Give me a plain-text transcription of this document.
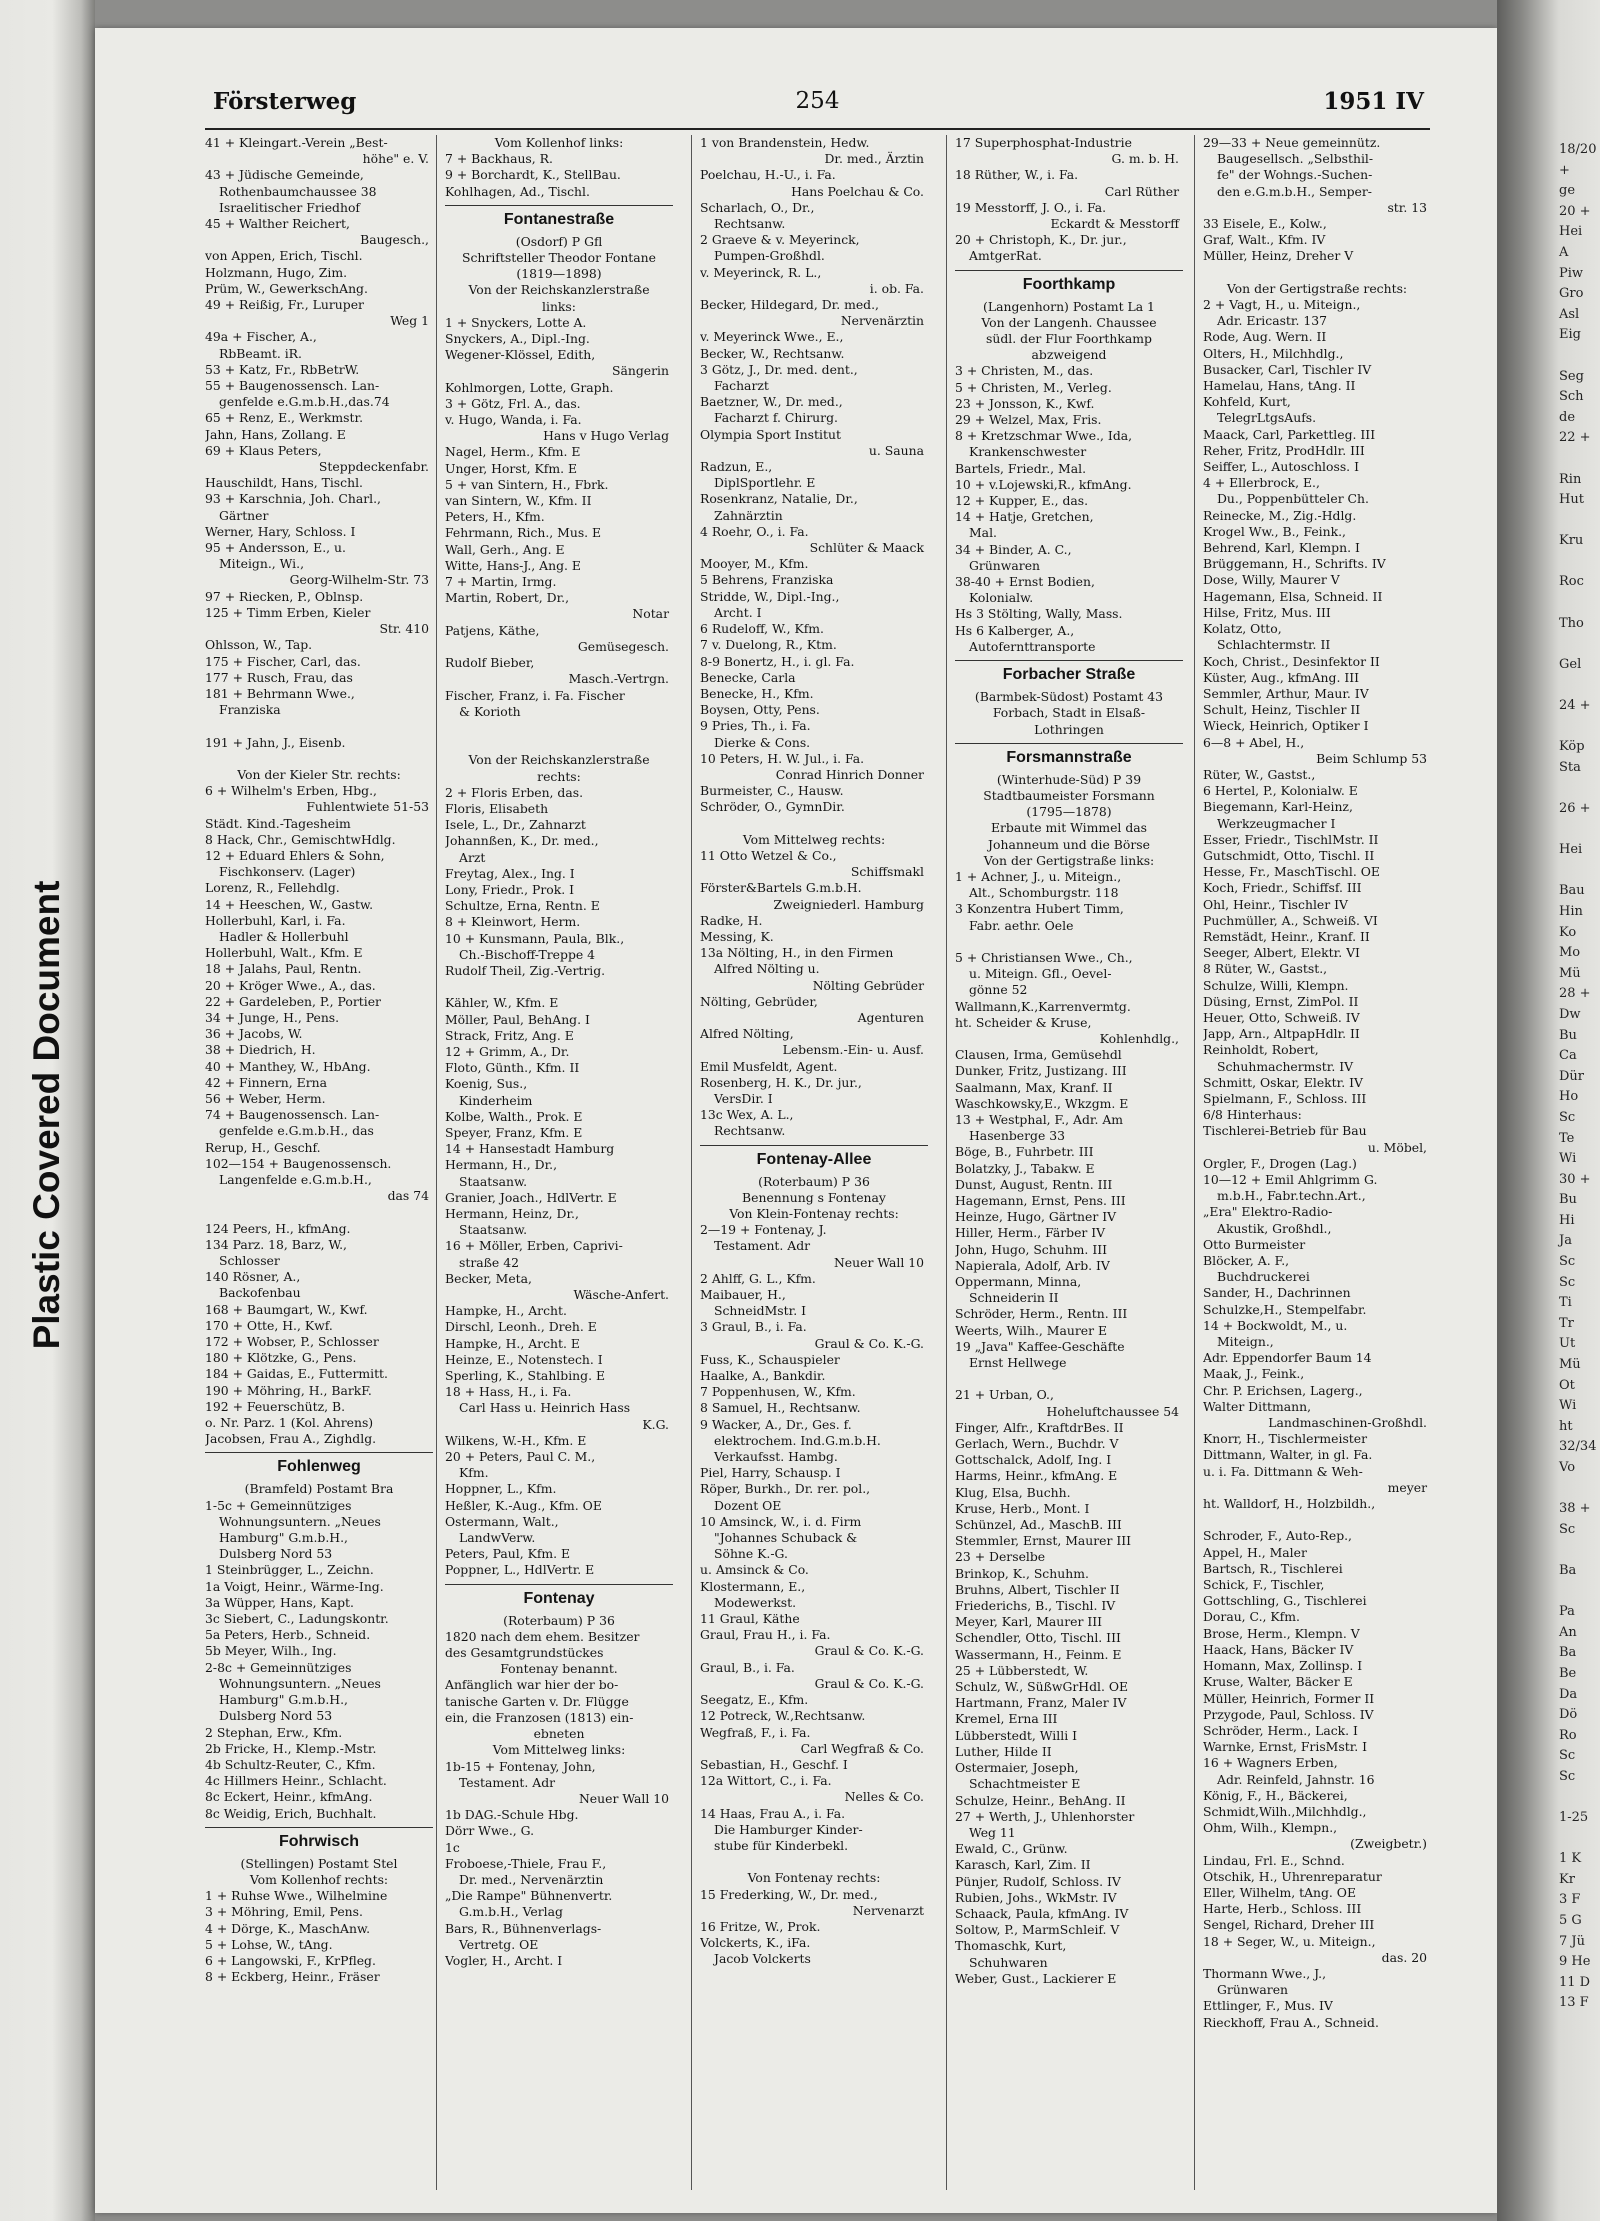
Plastic Covered Document
18/20
+
ge
20 +
Hei
A
Piw
Gro
Asl
Eig

Seg
Sch
de
22 +

Rin
Hut

Kru

Roc

Tho

Gel

24 +

Köp
Sta

26 +

Hei

Bau
Hin
Ko
Mo
Mü
28 +
Dw
Bu
Ca
Dür
Ho
Sc
Te
Wi
30 +
Bu
Hi
Ja
Sc
Sc
Ti
Tr
Ut
Mü
Ot
Wi
ht
32/34
Vo

38 +
Sc

Ba

Pa
An
Ba
Be
Da
Dö
Ro
Sc
Sc

1-25

1 K
Kr
3 F
5 G
7 Jü
9 He
11 D
13 F
Försterweg	254	1951 IV
41 + Kleingart.-Verein „Best-
höhe" e. V.
43 + Jüdische Gemeinde,
Rothenbaumchaussee 38
Israelitischer Friedhof
45 + Walther Reichert,
Baugesch.,
von Appen, Erich, Tischl.
Holzmann, Hugo, Zim.
Prüm, W., GewerkschAng.
49 + Reißig, Fr., Luruper
Weg 1
49a + Fischer, A.,
RbBeamt. iR.
53 + Katz, Fr., RbBetrW.
55 + Baugenossensch. Lan-
genfelde e.G.m.b.H.,das.74
65 + Renz, E., Werkmstr.
Jahn, Hans, Zollang. E
69 + Klaus Peters,
Steppdeckenfabr.
Hauschildt, Hans, Tischl.
93 + Karschnia, Joh. Charl.,
Gärtner
Werner, Hary, Schloss. I
95 + Andersson, E., u.
Miteign., Wi.,
Georg-Wilhelm-Str. 73
97 + Riecken, P., Oblnsp.
125 + Timm Erben, Kieler
Str. 410
Ohlsson, W., Tap.
175 + Fischer, Carl, das.
177 + Rusch, Frau, das
181 + Behrmann Wwe.,
Franziska

191 + Jahn, J., Eisenb.

Von der Kieler Str. rechts:
6 + Wilhelm's Erben, Hbg.,
Fuhlentwiete 51-53
Städt. Kind.-Tagesheim
8 Hack, Chr., GemischtwHdlg.
12 + Eduard Ehlers & Sohn,
Fischkonserv. (Lager)
Lorenz, R., Fellehdlg.
14 + Heeschen, W., Gastw.
Hollerbuhl, Karl, i. Fa.
Hadler & Hollerbuhl
Hollerbuhl, Walt., Kfm. E
18 + Jalahs, Paul, Rentn.
20 + Kröger Wwe., A., das.
22 + Gardeleben, P., Portier
34 + Junge, H., Pens.
36 + Jacobs, W.
38 + Diedrich, H.
40 + Manthey, W., HbAng.
42 + Finnern, Erna
56 + Weber, Herm.
74 + Baugenossensch. Lan-
genfelde e.G.m.b.H., das
Rerup, H., Geschf.
102—154 + Baugenossensch.
Langenfelde e.G.m.b.H.,
das 74

124 Peers, H., kfmAng.
134 Parz. 18, Barz, W.,
Schlosser
140 Rösner, A.,
Backofenbau
168 + Baumgart, W., Kwf.
170 + Otte, H., Kwf.
172 + Wobser, P., Schlosser
180 + Klötzke, G., Pens.
184 + Gaidas, E., Futtermitt.
190 + Möhring, H., BarkF.
192 + Feuerschütz, B.
o. Nr. Parz. 1 (Kol. Ahrens)
Jacobsen, Frau A., Zighdlg.
Fohlenweg
(Bramfeld) Postamt Bra
1-5c + Gemeinnütziges
Wohnungsuntern. „Neues
Hamburg" G.m.b.H.,
Dulsberg Nord 53
1 Steinbrügger, L., Zeichn.
1a Voigt, Heinr., Wärme-Ing.
3a Wüpper, Hans, Kapt.
3c Siebert, C., Ladungskontr.
5a Peters, Herb., Schneid.
5b Meyer, Wilh., Ing.
2-8c + Gemeinnütziges
Wohnungsuntern. „Neues
Hamburg" G.m.b.H.,
Dulsberg Nord 53
2 Stephan, Erw., Kfm.
2b Fricke, H., Klemp.-Mstr.
4b Schultz-Reuter, C., Kfm.
4c Hillmers Heinr., Schlacht.
8c Eckert, Heinr., kfmAng.
8c Weidig, Erich, Buchhalt.
Fohrwisch
(Stellingen) Postamt Stel
Vom Kollenhof rechts:
1 + Ruhse Wwe., Wilhelmine
3 + Möhring, Emil, Pens.
4 + Dörge, K., MaschAnw.
5 + Lohse, W., tAng.
6 + Langowski, F., KrPfleg.
8 + Eckberg, Heinr., Fräser
Vom Kollenhof links:
7 + Backhaus, R.
9 + Borchardt, K., StellBau.
Kohlhagen, Ad., Tischl.
Fontanestraße
(Osdorf) P Gfl
Schriftsteller Theodor Fontane
(1819—1898)
Von der Reichskanzlerstraße
links:
1 + Snyckers, Lotte A.
Snyckers, A., Dipl.-Ing.
Wegener-Klössel, Edith,
Sängerin
Kohlmorgen, Lotte, Graph.
3 + Götz, Frl. A., das.
v. Hugo, Wanda, i. Fa.
Hans v Hugo Verlag
Nagel, Herm., Kfm. E
Unger, Horst, Kfm. E
5 + van Sintern, H., Fbrk.
van Sintern, W., Kfm. II
Peters, H., Kfm.
Fehrmann, Rich., Mus. E
Wall, Gerh., Ang. E
Witte, Hans-J., Ang. E
7 + Martin, Irmg.
Martin, Robert, Dr.,
Notar
Patjens, Käthe,
Gemüsegesch.
Rudolf Bieber,
Masch.-Vertrgn.
Fischer, Franz, i. Fa. Fischer
& Korioth

Von der Reichskanzlerstraße
rechts:
2 + Floris Erben, das.
Floris, Elisabeth
Isele, L., Dr., Zahnarzt
Johannßen, K., Dr. med.,
Arzt
Freytag, Alex., Ing. I
Lony, Friedr., Prok. I
Schultze, Erna, Rentn. E
8 + Kleinwort, Herm.
10 + Kunsmann, Paula, Blk.,
Ch.-Bischoff-Treppe 4
Rudolf Theil, Zig.-Vertrig.

Kähler, W., Kfm. E
Möller, Paul, BehAng. I
Strack, Fritz, Ang. E
12 + Grimm, A., Dr.
Floto, Günth., Kfm. II
Koenig, Sus.,
Kinderheim
Kolbe, Walth., Prok. E
Speyer, Franz, Kfm. E
14 + Hansestadt Hamburg
Hermann, H., Dr.,
Staatsanw.
Granier, Joach., HdlVertr. E
Hermann, Heinz, Dr.,
Staatsanw.
16 + Möller, Erben, Caprivi-
straße 42
Becker, Meta,
Wäsche-Anfert.
Hampke, H., Archt.
Dirschl, Leonh., Dreh. E
Hampke, H., Archt. E
Heinze, E., Notenstech. I
Sperling, K., Stahlbing. E
18 + Hass, H., i. Fa.
Carl Hass u. Heinrich Hass
K.G.
Wilkens, W.-H., Kfm. E
20 + Peters, Paul C. M.,
Kfm.
Hoppner, L., Kfm.
Heßler, K.-Aug., Kfm. OE
Ostermann, Walt.,
LandwVerw.
Peters, Paul, Kfm. E
Poppner, L., HdlVertr. E
Fontenay
(Roterbaum) P 36
1820 nach dem ehem. Besitzer
des Gesamtgrundstückes
Fontenay benannt.
Anfänglich war hier der bo-
tanische Garten v. Dr. Flügge
ein, die Franzosen (1813) ein-
ebneten
Vom Mittelweg links:
1b-15 + Fontenay, John,
Testament. Adr
Neuer Wall 10
1b DAG.-Schule Hbg.
Dörr Wwe., G.
1c
Froboese,-Thiele, Frau F.,
Dr. med., Nervenärztin
„Die Rampe" Bühnenvertr.
G.m.b.H., Verlag
Bars, R., Bühnenverlags-
Vertretg. OE
Vogler, H., Archt. I
1 von Brandenstein, Hedw.
Dr. med., Ärztin
Poelchau, H.-U., i. Fa.
Hans Poelchau & Co.
Scharlach, O., Dr.,
Rechtsanw.
2 Graeve & v. Meyerinck,
Pumpen-Großhdl.
v. Meyerinck, R. L.,
i. ob. Fa.
Becker, Hildegard, Dr. med.,
Nervenärztin
v. Meyerinck Wwe., E.,
Becker, W., Rechtsanw.
3 Götz, J., Dr. med. dent.,
Facharzt
Baetzner, W., Dr. med.,
Facharzt f. Chirurg.
Olympia Sport Institut
u. Sauna
Radzun, E.,
DiplSportlehr. E
Rosenkranz, Natalie, Dr.,
Zahnärztin
4 Roehr, O., i. Fa.
Schlüter & Maack
Mooyer, M., Kfm.
5 Behrens, Franziska
Stridde, W., Dipl.-Ing.,
Archt. I
6 Rudeloff, W., Kfm.
7 v. Duelong, R., Ktm.
8-9 Bonertz, H., i. gl. Fa.
Benecke, Carla
Benecke, H., Kfm.
Boysen, Otty, Pens.
9 Pries, Th., i. Fa.
Dierke & Cons.
10 Peters, H. W. Jul., i. Fa.
Conrad Hinrich Donner
Burmeister, C., Hausw.
Schröder, O., GymnDir.

Vom Mittelweg rechts:
11 Otto Wetzel & Co.,
Schiffsmakl
Förster&Bartels G.m.b.H.
Zweigniederl. Hamburg
Radke, H.
Messing, K.
13a Nölting, H., in den Firmen
Alfred Nölting u.
Nölting Gebrüder
Nölting, Gebrüder,
Agenturen
Alfred Nölting,
Lebensm.-Ein- u. Ausf.
Emil Musfeldt, Agent.
Rosenberg, H. K., Dr. jur.,
VersDir. I
13c Wex, A. L.,
Rechtsanw.
Fontenay-Allee
(Roterbaum) P 36
Benennung s Fontenay
Von Klein-Fontenay rechts:
2—19 + Fontenay, J.
Testament. Adr
Neuer Wall 10
2 Ahlff, G. L., Kfm.
Maibauer, H.,
SchneidMstr. I
3 Graul, B., i. Fa.
Graul & Co. K.-G.
Fuss, K., Schauspieler
Haalke, A., Bankdir.
7 Poppenhusen, W., Kfm.
8 Samuel, H., Rechtsanw.
9 Wacker, A., Dr., Ges. f.
elektrochem. Ind.G.m.b.H.
Verkaufsst. Hambg.
Piel, Harry, Schausp. I
Röper, Burkh., Dr. rer. pol.,
Dozent OE
10 Amsinck, W., i. d. Firm
"Johannes Schuback &
Söhne K.-G.
u. Amsinck & Co.
Klostermann, E.,
Modewerkst.
11 Graul, Käthe
Graul, Frau H., i. Fa.
Graul & Co. K.-G.
Graul, B., i. Fa.
Graul & Co. K.-G.
Seegatz, E., Kfm.
12 Potreck, W.,Rechtsanw.
Wegfraß, F., i. Fa.
Carl Wegfraß & Co.
Sebastian, H., Geschf. I
12a Wittort, C., i. Fa.
Nelles & Co.
14 Haas, Frau A., i. Fa.
Die Hamburger Kinder-
stube für Kinderbekl.

Von Fontenay rechts:
15 Frederking, W., Dr. med.,
Nervenarzt
16 Fritze, W., Prok.
Volckerts, K., iFa.
Jacob Volckerts
17 Superphosphat-Industrie
G. m. b. H.
18 Rüther, W., i. Fa.
Carl Rüther
19 Messtorff, J. O., i. Fa.
Eckardt & Messtorff
20 + Christoph, K., Dr. jur.,
AmtgerRat.
Foorthkamp
(Langenhorn) Postamt La 1
Von der Langenh. Chaussee
südl. der Flur Foorthkamp
abzweigend
3 + Christen, M., das.
5 + Christen, M., Verleg.
23 + Jonsson, K., Kwf.
29 + Welzel, Max, Fris.
8 + Kretzschmar Wwe., Ida,
Krankenschwester
Bartels, Friedr., Mal.
10 + v.Lojewski,R., kfmAng.
12 + Kupper, E., das.
14 + Hatje, Gretchen,
Mal.
34 + Binder, A. C.,
Grünwaren
38-40 + Ernst Bodien,
Kolonialw.
Hs 3 Stölting, Wally, Mass.
Hs 6 Kalberger, A.,
Autofernttransporte
Forbacher Straße
(Barmbek-Südost) Postamt 43
Forbach, Stadt in Elsaß-
Lothringen
Forsmannstraße
(Winterhude-Süd) P 39
Stadtbaumeister Forsmann
(1795—1878)
Erbaute mit Wimmel das
Johanneum und die Börse
Von der Gertigstraße links:
1 + Achner, J., u. Miteign.,
Alt., Schomburgstr. 118
3 Konzentra Hubert Timm,
Fabr. aethr. Oele

5 + Christiansen Wwe., Ch.,
u. Miteign. Gfl., Oevel-
gönne 52
Wallmann,K.,Karrenvermtg.
ht. Scheider & Kruse,
Kohlenhdlg.,
Clausen, Irma, Gemüsehdl
Dunker, Fritz, Justizang. III
Saalmann, Max, Kranf. II
Waschkowsky,E., Wkzgm. E
13 + Westphal, F., Adr. Am
Hasenberge 33
Böge, B., Fuhrbetr. III
Bolatzky, J., Tabakw. E
Dunst, August, Rentn. III
Hagemann, Ernst, Pens. III
Heinze, Hugo, Gärtner IV
Hiller, Herm., Färber IV
John, Hugo, Schuhm. III
Napierala, Adolf, Arb. IV
Oppermann, Minna,
Schneiderin II
Schröder, Herm., Rentn. III
Weerts, Wilh., Maurer E
19 „Java" Kaffee-Geschäfte
Ernst Hellwege

21 + Urban, O.,
Hoheluftchaussee 54
Finger, Alfr., KraftdrBes. II
Gerlach, Wern., Buchdr. V
Gottschalck, Adolf, Ing. I
Harms, Heinr., kfmAng. E
Klug, Elsa, Buchh.
Kruse, Herb., Mont. I
Schünzel, Ad., MaschB. III
Stemmler, Ernst, Maurer III
23 + Derselbe
Brinkop, K., Schuhm.
Bruhns, Albert, Tischler II
Friederichs, B., Tischl. IV
Meyer, Karl, Maurer III
Schendler, Otto, Tischl. III
Wassermann, H., Feinm. E
25 + Lübberstedt, W.
Schulz, W., SüßwGrHdl. OE
Hartmann, Franz, Maler IV
Kremel, Erna III
Lübberstedt, Willi I
Luther, Hilde II
Ostermaier, Joseph,
Schachtmeister E
Schulze, Heinr., BehAng. II
27 + Werth, J., Uhlenhorster
Weg 11
Ewald, C., Grünw.
Karasch, Karl, Zim. II
Pünjer, Rudolf, Schloss. IV
Rubien, Johs., WkMstr. IV
Schaack, Paula, kfmAng. IV
Soltow, P., MarmSchleif. V
Thomaschk, Kurt,
Schuhwaren
Weber, Gust., Lackierer E
29—33 + Neue gemeinnütz.
Baugesellsch. „Selbsthil-
fe" der Wohngs.-Suchen-
den e.G.m.b.H., Semper-
str. 13
33 Eisele, E., Kolw.,
Graf, Walt., Kfm. IV
Müller, Heinz, Dreher V

Von der Gertigstraße rechts:
2 + Vagt, H., u. Miteign.,
Adr. Ericastr. 137
Rode, Aug. Wern. II
Olters, H., Milchhdlg.,
Busacker, Carl, Tischler IV
Hamelau, Hans, tAng. II
Kohfeld, Kurt,
TelegrLtgsAufs.
Maack, Carl, Parkettleg. III
Reher, Fritz, ProdHdlr. III
Seiffer, L., Autoschloss. I
4 + Ellerbrock, E.,
Du., Poppenbütteler Ch.
Reinecke, M., Zig.-Hdlg.
Krogel Ww., B., Feink.,
Behrend, Karl, Klempn. I
Brüggemann, H., Schrifts. IV
Dose, Willy, Maurer V
Hagemann, Elsa, Schneid. II
Hilse, Fritz, Mus. III
Kolatz, Otto,
Schlachtermstr. II
Koch, Christ., Desinfektor II
Küster, Aug., kfmAng. III
Semmler, Arthur, Maur. IV
Schult, Heinz, Tischler II
Wieck, Heinrich, Optiker I
6—8 + Abel, H.,
Beim Schlump 53
Rüter, W., Gastst.,
6 Hertel, P., Kolonialw. E
Biegemann, Karl-Heinz,
Werkzeugmacher I
Esser, Friedr., TischlMstr. II
Gutschmidt, Otto, Tischl. II
Hesse, Fr., MaschTischl. OE
Koch, Friedr., Schiffsf. III
Ohl, Heinr., Tischler IV
Puchmüller, A., Schweiß. VI
Remstädt, Heinr., Kranf. II
Seeger, Albert, Elektr. VI
8 Rüter, W., Gastst.,
Schulze, Willi, Klempn.
Düsing, Ernst, ZimPol. II
Heuer, Otto, Schweiß. IV
Japp, Arn., AltpapHdlr. II
Reinholdt, Robert,
Schuhmachermstr. IV
Schmitt, Oskar, Elektr. IV
Spielmann, F., Schloss. III
6/8 Hinterhaus:
Tischlerei-Betrieb für Bau
u. Möbel,
Orgler, F., Drogen (Lag.)
10—12 + Emil Ahlgrimm G.
m.b.H., Fabr.techn.Art.,
„Era" Elektro-Radio-
Akustik, Großhdl.,
Otto Burmeister
Blöcker, A. F.,
Buchdruckerei
Sander, H., Dachrinnen
Schulzke,H., Stempelfabr.
14 + Bockwoldt, M., u.
Miteign.,
Adr. Eppendorfer Baum 14
Maak, J., Feink.,
Chr. P. Erichsen, Lagerg.,
Walter Dittmann,
Landmaschinen-Großhdl.
Knorr, H., Tischlermeister
Dittmann, Walter, in gl. Fa.
u. i. Fa. Dittmann & Weh-
meyer
ht. Walldorf, H., Holzbildh.,

Schroder, F., Auto-Rep.,
Appel, H., Maler
Bartsch, R., Tischlerei
Schick, F., Tischler,
Gottschling, G., Tischlerei
Dorau, C., Kfm.
Brose, Herm., Klempn. V
Haack, Hans, Bäcker IV
Homann, Max, Zollinsp. I
Kruse, Walter, Bäcker E
Müller, Heinrich, Former II
Przygode, Paul, Schloss. IV
Schröder, Herm., Lack. I
Warnke, Ernst, FrisMstr. I
16 + Wagners Erben,
Adr. Reinfeld, Jahnstr. 16
König, F., H., Bäckerei,
Schmidt,Wilh.,Milchhdlg.,
Ohm, Wilh., Klempn.,
(Zweigbetr.)
Lindau, Frl. E., Schnd.
Otschik, H., Uhrenreparatur
Eller, Wilhelm, tAng. OE
Harte, Herb., Schloss. III
Sengel, Richard, Dreher III
18 + Seger, W., u. Miteign.,
das. 20
Thormann Wwe., J.,
Grünwaren
Ettlinger, F., Mus. IV
Rieckhoff, Frau A., Schneid.
